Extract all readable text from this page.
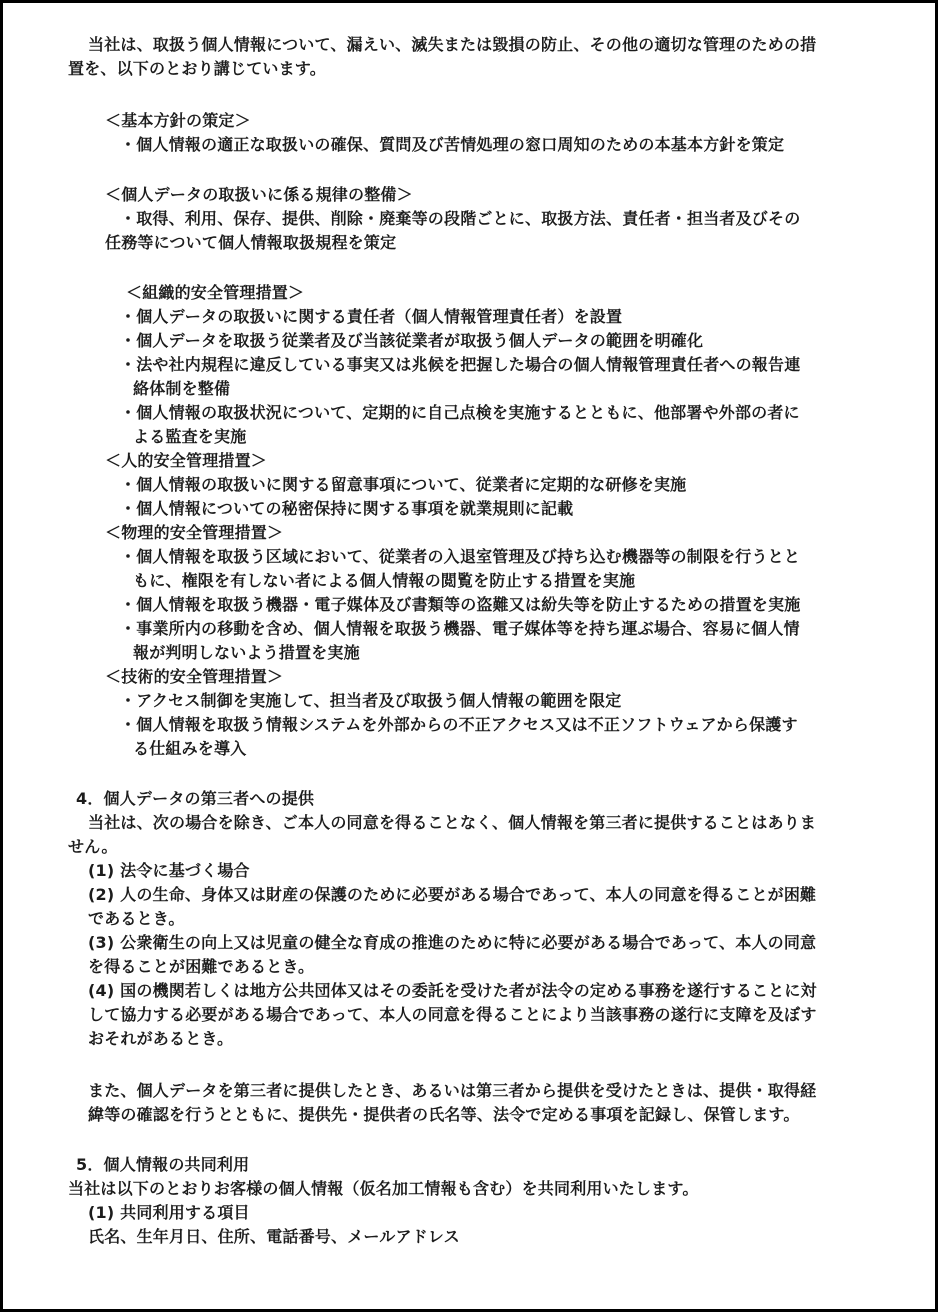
当社は、取扱う個人情報について、漏えい、滅失または毀損の防止、その他の適切な管理のための措
置を、以下のとおり講じています。
＜基本方針の策定＞
・個人情報の適正な取扱いの確保、質問及び苦情処理の窓口周知のための本基本方針を策定
＜個人データの取扱いに係る規律の整備＞
・取得、利用、保存、提供、削除・廃棄等の段階ごとに、取扱方法、責任者・担当者及びその
任務等について個人情報取扱規程を策定
＜組織的安全管理措置＞
・個人データの取扱いに関する責任者（個人情報管理責任者）を設置
・個人データを取扱う従業者及び当該従業者が取扱う個人データの範囲を明確化
・法や社内規程に違反している事実又は兆候を把握した場合の個人情報管理責任者への報告連
絡体制を整備
・個人情報の取扱状況について、定期的に自己点検を実施するとともに、他部署や外部の者に
よる監査を実施
＜人的安全管理措置＞
・個人情報の取扱いに関する留意事項について、従業者に定期的な研修を実施
・個人情報についての秘密保持に関する事項を就業規則に記載
＜物理的安全管理措置＞
・個人情報を取扱う区域において、従業者の入退室管理及び持ち込む機器等の制限を行うとと
もに、権限を有しない者による個人情報の閲覧を防止する措置を実施
・個人情報を取扱う機器・電子媒体及び書類等の盗難又は紛失等を防止するための措置を実施
・事業所内の移動を含め、個人情報を取扱う機器、電子媒体等を持ち運ぶ場合、容易に個人情
報が判明しないよう措置を実施
＜技術的安全管理措置＞
・アクセス制御を実施して、担当者及び取扱う個人情報の範囲を限定
・個人情報を取扱う情報システムを外部からの不正アクセス又は不正ソフトウェアから保護す
る仕組みを導入
4．個人データの第三者への提供
当社は、次の場合を除き、ご本人の同意を得ることなく、個人情報を第三者に提供することはありま
せん。
(1) 法令に基づく場合
(2) 人の生命、身体又は財産の保護のために必要がある場合であって、本人の同意を得ることが困難
であるとき。
(3) 公衆衛生の向上又は児童の健全な育成の推進のために特に必要がある場合であって、本人の同意
を得ることが困難であるとき。
(4) 国の機関若しくは地方公共団体又はその委託を受けた者が法令の定める事務を遂行することに対
して協力する必要がある場合であって、本人の同意を得ることにより当該事務の遂行に支障を及ぼす
おそれがあるとき。
また、個人データを第三者に提供したとき、あるいは第三者から提供を受けたときは、提供・取得経
緯等の確認を行うとともに、提供先・提供者の氏名等、法令で定める事項を記録し、保管します。
5．個人情報の共同利用
当社は以下のとおりお客様の個人情報（仮名加工情報も含む）を共同利用いたします。
(1) 共同利用する項目
氏名、生年月日、住所、電話番号、メールアドレス
